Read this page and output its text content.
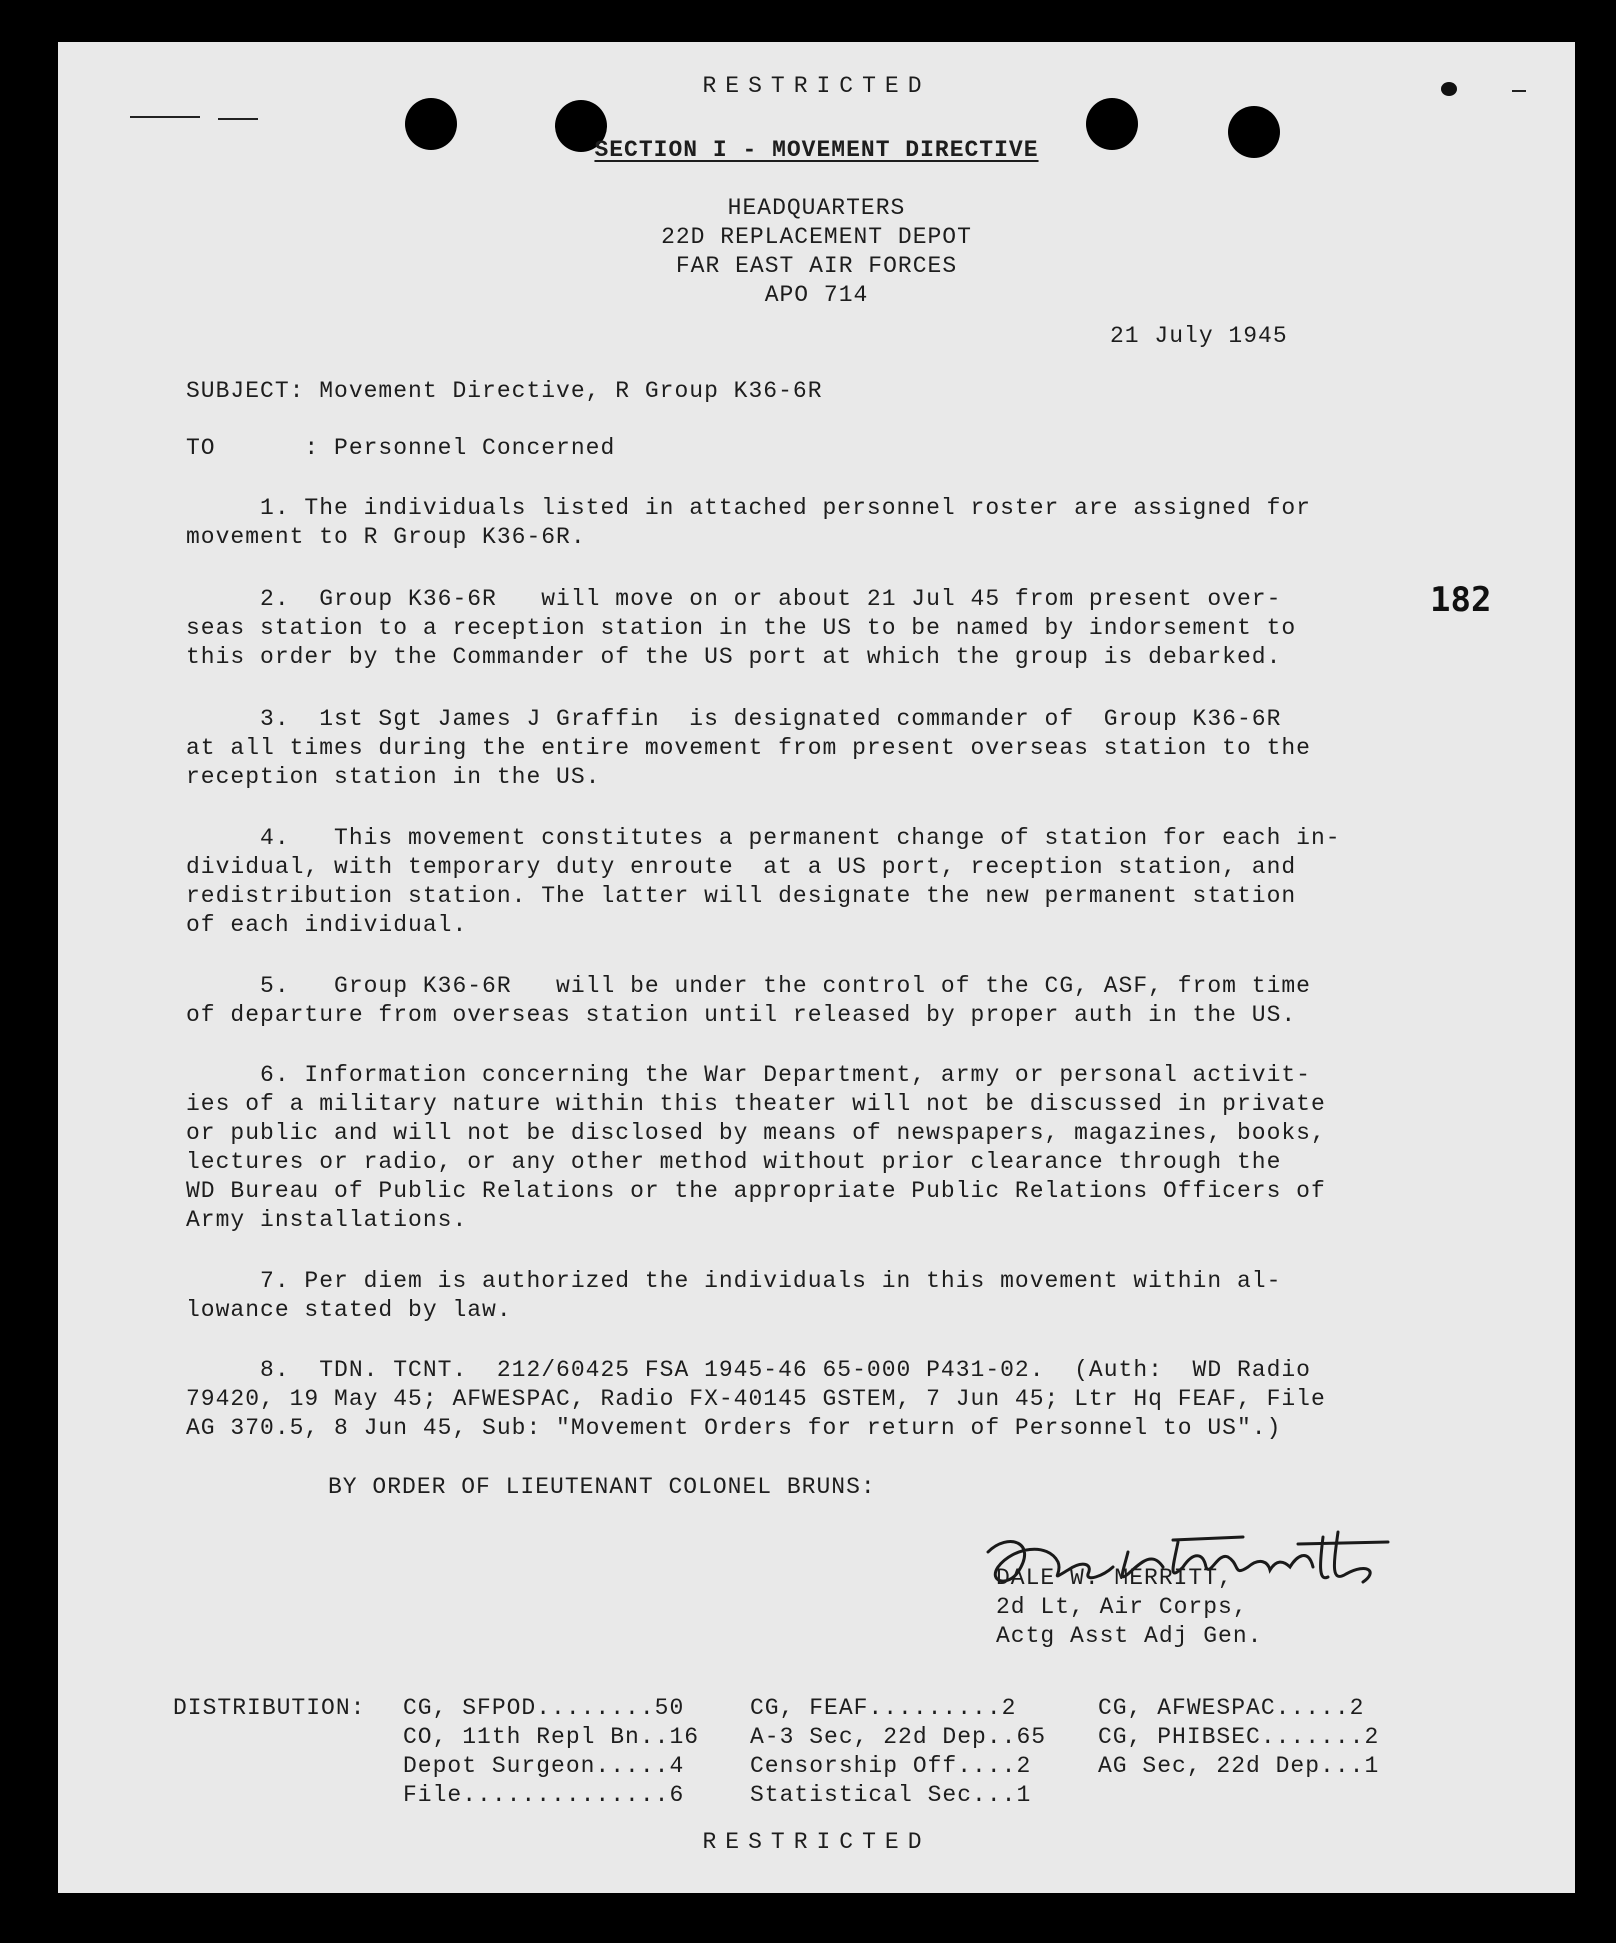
RESTRICTED
SECTION I - MOVEMENT DIRECTIVE
HEADQUARTERS
22D REPLACEMENT DEPOT
FAR EAST AIR FORCES
APO 714
21 July 1945
SUBJECT: Movement Directive, R Group K36-6R
TO      : Personnel Concerned
1. The individuals listed in attached personnel roster are assigned for
movement to R Group K36-6R.
2.  Group K36-6R   will move on or about 21 Jul 45 from present over-
seas station to a reception station in the US to be named by indorsement to
this order by the Commander of the US port at which the group is debarked.
182
3.  1st Sgt James J Graffin  is designated commander of  Group K36-6R
at all times during the entire movement from present overseas station to the
reception station in the US.
4.   This movement constitutes a permanent change of station for each in-
dividual, with temporary duty enroute  at a US port, reception station, and
redistribution station. The latter will designate the new permanent station
of each individual.
5.   Group K36-6R   will be under the control of the CG, ASF, from time
of departure from overseas station until released by proper auth in the US.
6. Information concerning the War Department, army or personal activit-
ies of a military nature within this theater will not be discussed in private
or public and will not be disclosed by means of newspapers, magazines, books,
lectures or radio, or any other method without prior clearance through the
WD Bureau of Public Relations or the appropriate Public Relations Officers of
Army installations.
7. Per diem is authorized the individuals in this movement within al-
lowance stated by law.
8.  TDN. TCNT.  212/60425 FSA 1945-46 65-000 P431-02.  (Auth:  WD Radio
79420, 19 May 45; AFWESPAC, Radio FX-40145 GSTEM, 7 Jun 45; Ltr Hq FEAF, File
AG 370.5, 8 Jun 45, Sub: "Movement Orders for return of Personnel to US".)
BY ORDER OF LIEUTENANT COLONEL BRUNS:
DALE W. MERRITT,
2d Lt, Air Corps,
Actg Asst Adj Gen.
DISTRIBUTION: CG, SFPOD........50
CO, 11th Repl Bn..16
Depot Surgeon.....4
File..............6
CG, FEAF.........2
A-3 Sec, 22d Dep..65
Censorship Off....2
Statistical Sec...1
CG, AFWESPAC.....2
CG, PHIBSEC.......2
AG Sec, 22d Dep...1
RESTRICTED
